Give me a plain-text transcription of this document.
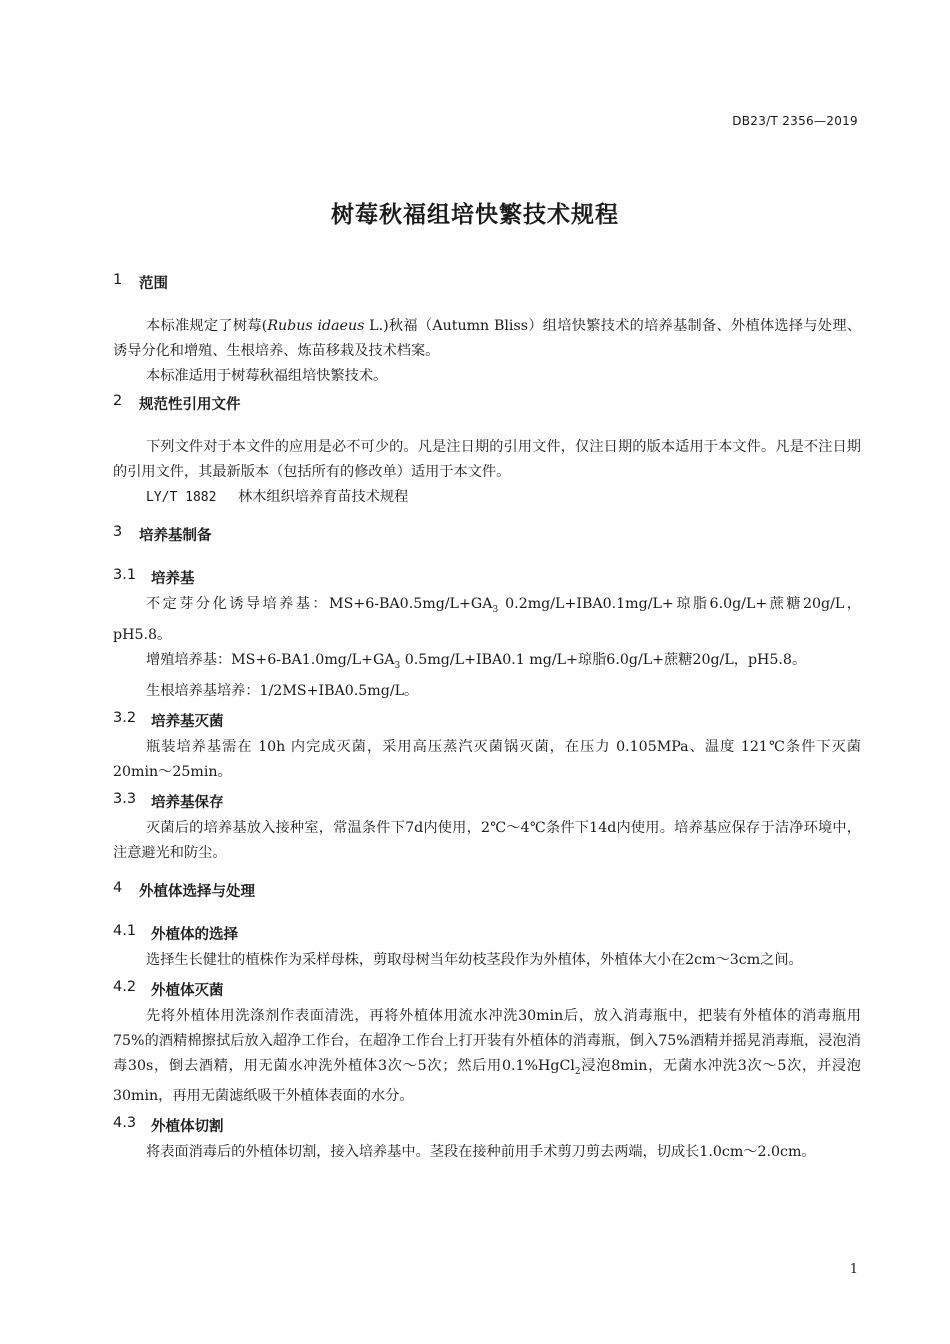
DB23/T 2356—2019
树莓秋福组培快繁技术规程
1	范围

本标准规定了树莓(Rubus idaeus L.)秋福（Autumn Bliss）组培快繁技术的培养基制备、外植体选择与处理、诱导分化和增殖、生根培养、炼苗移栽及技术档案。

本标准适用于树莓秋福组培快繁技术。

2	规范性引用文件

下列文件对于本文件的应用是必不可少的。凡是注日期的引用文件，仅注日期的版本适用于本文件。凡是不注日期的引用文件，其最新版本（包括所有的修改单）适用于本文件。

LY/T 1882 林木组织培养育苗技术规程

3	培养基制备
3.1	培养基

不定芽分化诱导培养基：$MS+6-BA0.5mg/L+GA_3$ 0.2mg/L+IBA0.1mg/L+琼脂6.0g/L+蔗糖20g/L，pH5.8。

增殖培养基：$MS+6-BA1.0mg/L+GA_3$ 0.5mg/L+IBA0.1 mg/L+琼脂6.0g/L+蔗糖20g/L，pH5.8。

生根培养基培养：1/2MS+IBA0.5mg/L。

3.2	培养基灭菌

瓶装培养基需在 10h 内完成灭菌，采用高压蒸汽灭菌锅灭菌，在压力 0.105MPa、温度 121℃条件下灭菌 20min～25min。

3.3	培养基保存

灭菌后的培养基放入接种室，常温条件下7d内使用，2℃～4℃条件下14d内使用。培养基应保存于洁净环境中，注意避光和防尘。

4	外植体选择与处理
4.1	外植体的选择

选择生长健壮的植株作为采样母株，剪取母树当年幼枝茎段作为外植体，外植体大小在2cm～3cm之间。

4.2	外植体灭菌

先将外植体用洗涤剂作表面清洗，再将外植体用流水冲洗30min后，放入消毒瓶中，把装有外植体的消毒瓶用75%的酒精棉擦拭后放入超净工作台，在超净工作台上打开装有外植体的消毒瓶，倒入75%酒精并摇晃消毒瓶，浸泡消毒30s，倒去酒精，用无菌水冲洗外植体3次～5次；然后用0.1%HgCl$_2$浸泡8min，无菌水冲洗3次～5次，并浸泡30min，再用无菌滤纸吸干外植体表面的水分。

4.3	外植体切割

将表面消毒后的外植体切割，接入培养基中。茎段在接种前用手术剪刀剪去两端，切成长1.0cm～2.0cm。

1
